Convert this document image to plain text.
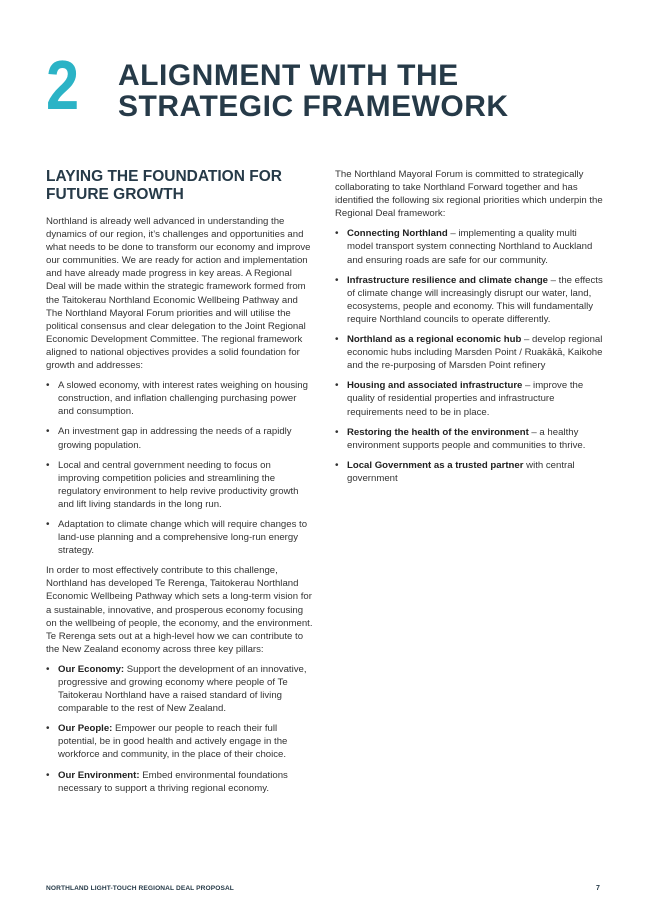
2 ALIGNMENT WITH THE
STRATEGIC FRAMEWORK
LAYING THE FOUNDATION FOR
FUTURE GROWTH

Northland is already well advanced in understanding the dynamics of our region, it’s challenges and opportunities and what needs to be done to transform our economy and improve our communities. We are ready for action and implementation and have already made progress in key areas. A Regional Deal will be made within the strategic framework formed from the Taitokerau Northland Economic Wellbeing Pathway and The Northland Mayoral Forum priorities and will utilise the political consensus and clear delegation to the Joint Regional Economic Development Committee. The regional framework aligned to national objectives provides a solid foundation for growth and addresses:

• A slowed economy, with interest rates weighing on housing construction, and inflation challenging purchasing power and consumption.
• An investment gap in addressing the needs of a rapidly growing population.
• Local and central government needing to focus on improving competition policies and streamlining the regulatory environment to help revive productivity growth and lift living standards in the long run.
• Adaptation to climate change which will require changes to land-use planning and a comprehensive long-run energy strategy.

In order to most effectively contribute to this challenge, Northland has developed Te Rerenga, Taitokerau Northland Economic Wellbeing Pathway which sets a long-term vision for a sustainable, innovative, and prosperous economy focusing on the wellbeing of people, the economy, and the environment. Te Rerenga sets out at a high-level how we can contribute to the New Zealand economy across three key pillars:

• Our Economy: Support the development of an innovative, progressive and growing economy where people of Te Taitokerau Northland have a raised standard of living comparable to the rest of New Zealand.
• Our People: Empower our people to reach their full potential, be in good health and actively engage in the workforce and community, in the place of their choice.
• Our Environment: Embed environmental foundations necessary to support a thriving regional economy.

The Northland Mayoral Forum is committed to strategically collaborating to take Northland Forward together and has identified the following six regional priorities which underpin the Regional Deal framework:

• Connecting Northland – implementing a quality multi model transport system connecting Northland to Auckland and ensuring roads are safe for our community.
• Infrastructure resilience and climate change – the effects of climate change will increasingly disrupt our water, land, ecosystems, people and economy. This will fundamentally require Northland councils to operate differently.
• Northland as a regional economic hub – develop regional economic hubs including Marsden Point / Ruakākā, Kaikohe and the re-purposing of Marsden Point refinery
• Housing and associated infrastructure – improve the quality of residential properties and infrastructure requirements need to be in place.
• Restoring the health of the environment – a healthy environment supports people and communities to thrive.
• Local Government as a trusted partner with central government
NORTHLAND LIGHT-TOUCH REGIONAL DEAL PROPOSAL	7
